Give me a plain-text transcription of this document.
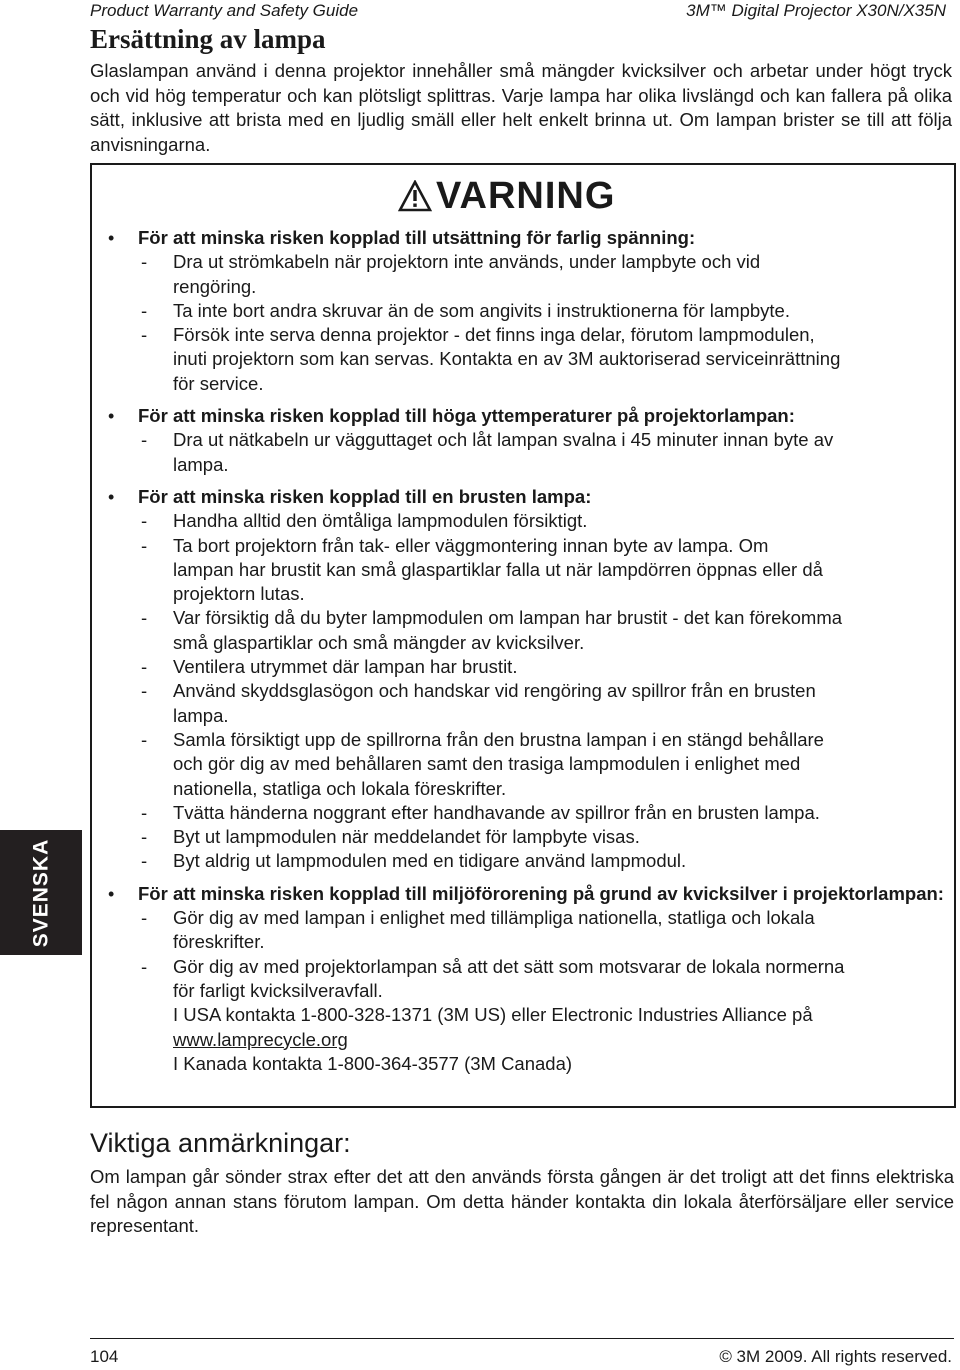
Product Warranty and Safety Guide	3M™ Digital Projector X30N/X35N
Ersättning av lampa

Glaslampan använd i denna projektor innehåller små mängder kvicksilver och arbetar under högt tryck och vid hög temperatur och kan plötsligt splittras. Varje lampa har olika livslängd och kan fallera på olika sätt, inklusive att brista med en ljudlig smäll eller helt enkelt brinna ut. Om lampan brister se till att följa anvisningarna.

VARNING
• För att minska risken kopplad till utsättning för farlig spänning:
- Dra ut strömkabeln när projektorn inte används, under lampbyte och vid
rengöring.
- Ta inte bort andra skruvar än de som angivits i instruktionerna för lampbyte.
- Försök inte serva denna projektor - det finns inga delar, förutom lampmodulen,
inuti projektorn som kan servas. Kontakta en av 3M auktoriserad serviceinrättning
för service.
• För att minska risken kopplad till höga yttemperaturer på projektorlampan:
- Dra ut nätkabeln ur vägguttaget och låt lampan svalna i 45 minuter innan byte av
lampa.
• För att minska risken kopplad till en brusten lampa:
- Handha alltid den ömtåliga lampmodulen försiktigt.
- Ta bort projektorn från tak- eller väggmontering innan byte av lampa. Om
lampan har brustit kan små glaspartiklar falla ut när lampdörren öppnas eller då
projektorn lutas.
- Var försiktig då du byter lampmodulen om lampan har brustit - det kan förekomma
små glaspartiklar och små mängder av kvicksilver.
- Ventilera utrymmet där lampan har brustit.
- Använd skyddsglasögon och handskar vid rengöring av spillror från en brusten
lampa.
- Samla försiktigt upp de spillrorna från den brustna lampan i en stängd behållare
och gör dig av med behållaren samt den trasiga lampmodulen i enlighet med
nationella, statliga och lokala föreskrifter.
- Tvätta händerna noggrant efter handhavande av spillror från en brusten lampa.
- Byt ut lampmodulen när meddelandet för lampbyte visas.
- Byt aldrig ut lampmodulen med en tidigare använd lampmodul.
• För att minska risken kopplad till miljöförorening på grund av kvicksilver i projektorlampan:
- Gör dig av med lampan i enlighet med tillämpliga nationella, statliga och lokala
föreskrifter.
- Gör dig av med projektorlampan så att det sätt som motsvarar de lokala normerna
för farligt kvicksilveravfall.
I USA kontakta 1-800-328-1371 (3M US) eller Electronic Industries Alliance på
www.lamprecycle.org
I Kanada kontakta 1-800-364-3577 (3M Canada)
SVENSKA
Viktiga anmärkningar:

Om lampan går sönder strax efter det att den används första gången är det troligt att det finns elektriska fel någon annan stans förutom lampan. Om detta händer kontakta din lokala återförsäljare eller service representant.

104	© 3M 2009. All rights reserved.
